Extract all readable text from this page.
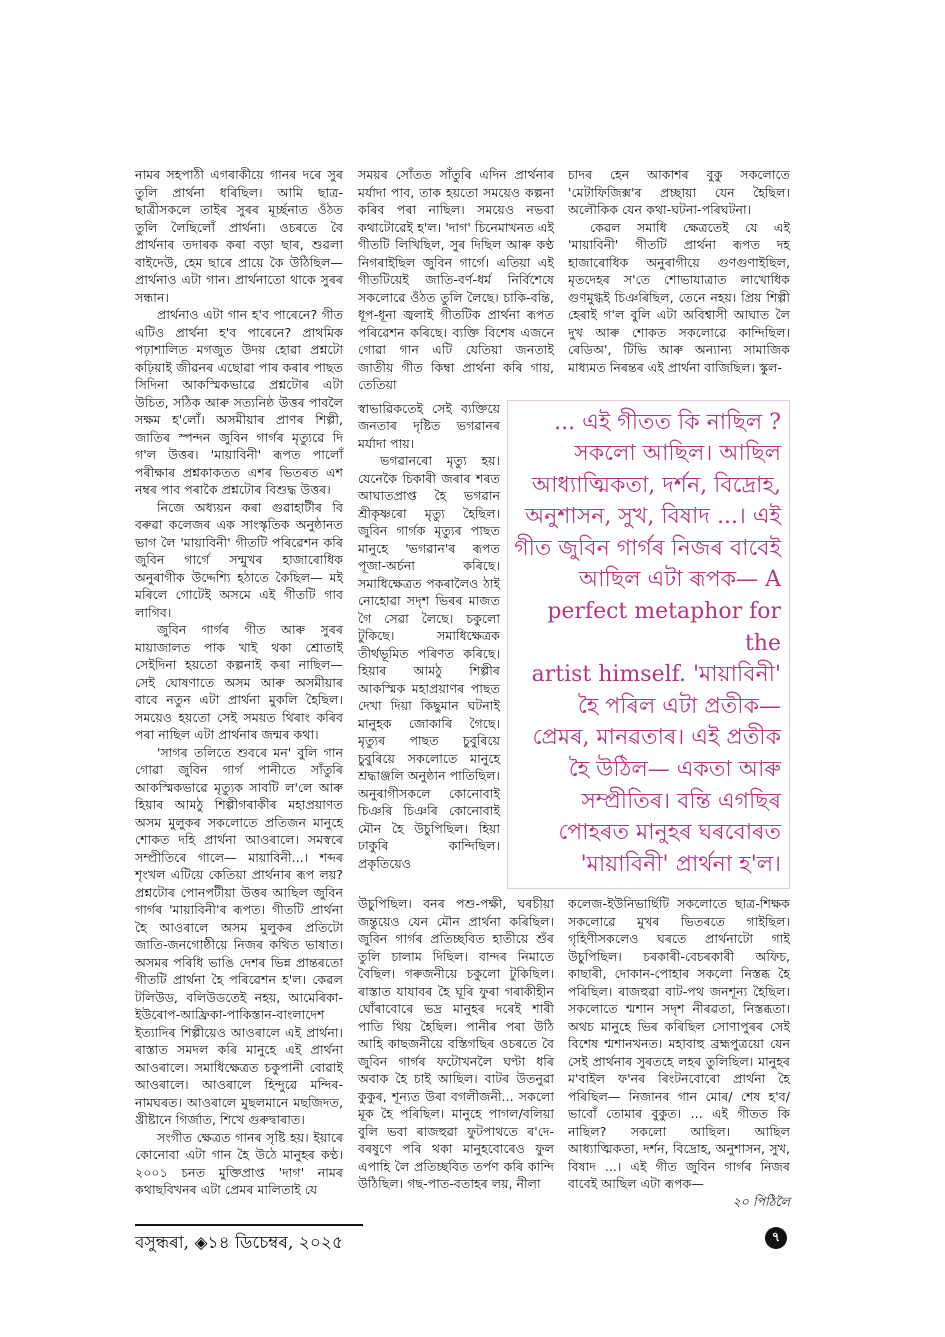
নামৰ সহপাঠী এগৰাকীয়ে গানৰ দৰে সুৰ তুলি প্ৰাৰ্থনা ধৰিছিল। আমি ছাত্ৰ-ছাত্ৰীসকলে তাইৰ সুৰৰ মূৰ্চ্ছনাত ওঁঠত তুলি লৈছিলোঁ প্ৰাৰ্থনা। ওচৰতে বৈ প্ৰাৰ্থনাৰ তদাৰক কৰা বড়া ছাৰ, শুৱলা বাইদেউ, হেম ছাৰে প্ৰায়ে কৈ উঠিছিল— প্ৰাৰ্থনাও এটা গান। প্ৰাৰ্থনাতো থাকে সুৰৰ সন্ধান।

প্ৰাৰ্থনাও এটা গান হ'ব পাৰেনে? গীত এটিও প্ৰাৰ্থনা হ'ব পাৰেনে? প্ৰাথমিক পঢ়াশালিত মগজুত উদয় হোৱা প্ৰশ্নটো কঢ়িয়াই জীৱনৰ এছোৱা পাৰ কৰাৰ পাছত সিদিনা আকস্মিকভাৱে প্ৰশ্নটোৰ এটা উচিত, সঠিক আৰু সত্যনিষ্ঠ উত্তৰ পাবলৈ সক্ষম হ'লোঁ। অসমীয়াৰ প্ৰাণৰ শিল্পী, জাতিৰ স্পন্দন জুবিন গাৰ্গৰ মৃত্যুৱে দি গ'ল উত্তৰ। 'মায়াবিনী' ৰূপত পালোঁ পৰীক্ষাৰ প্ৰশ্নকাকতত এশৰ ভিতৰত এশ নম্বৰ পাব পৰাকৈ প্ৰশ্নটোৰ বিশুদ্ধ উত্তৰ।

নিজে অধ্যয়ন কৰা গুৱাহাটীৰ বি বৰুৱা কলেজৰ এক সাংস্কৃতিক অনুষ্ঠানত ভাগ লৈ 'মায়াবিনী' গীতটি পৰিৱেশন কৰি জুবিন গাৰ্গে সন্মুখৰ হাজাৰোধিক অনুৰাগীক উদ্দেশ্যি হঠাতে কৈছিল— মই মৰিলে গোটেই অসমে এই গীতটি গাব লাগিব।

জুবিন গাৰ্গৰ গীত আৰু সুৰৰ মায়াজালত পাক খাই থকা শ্ৰোতাই সেইদিনা হয়তো কল্পনাই কৰা নাছিল— সেই ঘোষণাতে অসম আৰু অসমীয়াৰ বাবে নতুন এটা প্ৰাৰ্থনা মুকলি হৈছিল। সময়েও হয়তো সেই সময়ত থিৰাং কৰিব পৰা নাছিল এটা প্ৰাৰ্থনাৰ জন্মৰ কথা।

'সাগৰ তলিতে শুবৰে মন' বুলি গান গোৱা জুবিন গাৰ্গ পানীতে সাঁতুৰি আকস্মিকভাৱে মৃত্যুক সাবটি ল'লে আৰু হিয়াৰ আমঠু শিল্পীগৰাকীৰ মহাপ্ৰয়াণত অসম মুলুকৰ সকলোতে প্ৰতিজন মানুহে শোকত দহি প্ৰাৰ্থনা আওৰালে। সমস্বৰে সম্প্ৰীতিৰে গালে— মায়াবিনী...। শব্দৰ শৃংখল এটিয়ে কেতিয়া প্ৰাৰ্থনাৰ ৰূপ লয়? প্ৰশ্নটোৰ পোনপটীয়া উত্তৰ আছিল জুবিন গাৰ্গৰ 'মায়াবিনী'ৰ ৰূপত। গীতটি প্ৰাৰ্থনা হৈ আওৰালে অসম মুলুকৰ প্ৰতিটো জাতি-জনগোষ্ঠীয়ে নিজৰ কথিত ভাষাত। অসমৰ পৰিধি ভাঙি দেশৰ ভিন্ন প্ৰান্তৰতো গীতটি প্ৰাৰ্থনা হৈ পৰিৱেশন হ'ল। কেৱল টলিউড, বলিউডতেই নহয়, আমেৰিকা-ইউৰোপ-আফ্ৰিকা-পাকিস্তান-বাংলাদেশ ইত্যাদিৰ শিল্পীয়েও আওৰালে এই প্ৰাৰ্থনা। ৰাস্তাত সমদল কৰি মানুহে এই প্ৰাৰ্থনা আওৰালে। সমাধিক্ষেত্ৰত চকুপানী বোৱাই আওৰালে। আওৰালে হিন্দুৱে মন্দিৰ-নামঘৰত। আওৰালে মুছলমানে মছজিদত, খ্ৰীষ্টানে গিৰ্জাত, শিখে গুৰুদ্বাৰাত।

সংগীত ক্ষেত্ৰত গানৰ সৃষ্টি হয়। ইয়াৰে কোনোবা এটা গান হৈ উঠে মানুহৰ কণ্ঠ। ২০০১ চনত মুক্তিপ্ৰাপ্ত 'দাগ' নামৰ কথাছবিখনৰ এটা প্ৰেমৰ মালিতাই যে

সময়ৰ সোঁতত সাঁতুৰি এদিন প্ৰাৰ্থনাৰ মৰ্যাদা পাব, তাক হয়তো সময়েও কল্পনা কৰিব পৰা নাছিল। সময়েও নভবা কথাটোৱেই হ'ল। 'দাগ' চিনেমাখনত এই গীতটি লিখিছিল, সুৰ দিছিল আৰু কণ্ঠ নিগৰাইছিল জুবিন গাৰ্গে। এতিয়া এই গীতটিয়েই জাতি-বৰ্ণ-ধৰ্ম নিৰ্বিশেষে সকলোৱে ওঁঠত তুলি লৈছে। চাকি-বন্তি, ধূপ-ধূনা জ্বলাই গীতটিক প্ৰাৰ্থনা ৰূপত পৰিৱেশন কৰিছে। ব্যক্তি বিশেষ এজনে গোৱা গান এটি যেতিয়া জনতাই জাতীয় গীত কিম্বা প্ৰাৰ্থনা কৰি গায়, তেতিয়া

চাদৰ হেন আকাশৰ বুকু সকলোতে 'মেটাফিজিক্স'ৰ প্ৰচ্ছায়া যেন হৈছিল। অলৌকিক যেন কথা-ঘটনা-পৰিঘটনা।

কেৱল সমাধি ক্ষেত্ৰতেই যে এই 'মায়াবিনী' গীতটি প্ৰাৰ্থনা ৰূপত দহ হাজাৰোধিক অনুৰাগীয়ে গুণগুণাইছিল, মৃতদেহৰ স'তে শোভাযাত্ৰাত লাখোধিক গুণমুগ্ধই চিঞৰিছিল, তেনে নহয়। প্ৰিয় শিল্পী হেৰাই গ'ল বুলি এটা অবিশ্বাসী আঘাত লৈ দুখ আৰু শোকত সকলোৱে কান্দিছিল। ৰেডিঅ', টিভি আৰু অন্যান্য সামাজিক মাধ্যমত নিৰন্তৰ এই প্ৰাৰ্থনা বাজিছিল। স্কুল-

স্বাভাৱিকতেই সেই ব্যক্তিয়ে জনতাৰ দৃষ্টিত ভগৱানৰ মৰ্যাদা পায়।

ভগৱানৰো মৃত্যু হয়। যেনেকৈ চিকাৰী জৰাৰ শৰত আঘাতপ্ৰাপ্ত হৈ ভগৱান শ্ৰীকৃষ্ণৰো মৃত্যু হৈছিল। জুবিন গাৰ্গক মৃত্যুৰ পাছত মানুহে 'ভগৱান'ৰ ৰূপত পূজা-অৰ্চনা কৰিছে। সমাধিক্ষেত্ৰত পকৰালৈও ঠাই নোহোৱা সদৃশ ভিৰৰ মাজত গৈ সেৱা লৈছে। চকুলো টুকিছে। সমাধিক্ষেত্ৰক তীৰ্থভূমিত পৰিণত কৰিছে। হিয়াৰ আমঠু শিল্পীৰ আকস্মিক মহাপ্ৰয়াণৰ পাছত দেখা দিয়া কিছুমান ঘটনাই মানুহক জোকাৰি গৈছে। মৃত্যুৰ পাছত চুবুৰিয়ে চুবুৰিয়ে সকলোতে মানুহে শ্ৰদ্ধাঞ্জলি অনুষ্ঠান পাতিছিল। অনুৰাগীসকলে কোনোবাই চিঞৰি চিঞৰি কোনোবাই মৌন হৈ উচুপিছিল। হিয়া ঢাকুৰি কান্দিছিল। প্ৰকৃতিয়েও

... এই গীতত কি নাছিল ?
সকলো আছিল। আছিল
আধ্যাত্মিকতা, দৰ্শন, বিদ্ৰোহ,
অনুশাসন, সুখ, বিষাদ ...। এই
গীত জুবিন গাৰ্গৰ নিজৰ বাবেই
আছিল এটা ৰূপক— A
perfect metaphor for the
artist himself. 'মায়াবিনী'
হৈ পৰিল এটা প্ৰতীক—
প্ৰেমৰ, মানৱতাৰ। এই প্ৰতীক
হৈ উঠিল— একতা আৰু
সম্প্ৰীতিৰ। বন্তি এগছিৰ
পোহৰত মানুহৰ ঘৰবোৰত
'মায়াবিনী' প্ৰাৰ্থনা হ'ল।

উচুপিছিল। বনৰ পশু-পক্ষী, ঘৰচীয়া জন্তুয়েও যেন মৌন প্ৰাৰ্থনা কৰিছিল। জুবিন গাৰ্গৰ প্ৰতিচ্ছবিত হাতীয়ে শুঁৰ তুলি চালাম দিছিল। বান্দৰ নিমাতে বৈছিল। গৰুজনীয়ে চকুলো টুকিছিল। ৰাস্তাত যাযাবৰ হৈ ঘূৰি ফুৰা গৰাকীহীন ঘোঁৰাবোৰে ভদ্ৰ মানুহৰ দৰেই শাৰী পাতি থিয় হৈছিল। পানীৰ পৰা উঠি আহি কাছজনীয়ে বস্তিগছিৰ ওচৰতে বৈ জুবিন গাৰ্গৰ ফটোখনলৈ ঘণ্টা ধৰি অবাক হৈ চাই আছিল। বাটৰ উতনুৱা কুকুৰ, শূন্যত উৰা বগলীজনী... সকলো মূক হৈ পৰিছিল। মানুহে পাগল/বলিয়া বুলি ভবা ৰাজহুৱা ফুটপাথতে ৰ'দে-বৰষুণে পৰি থকা মানুহবোৰেও ফুল এপাহি লৈ প্ৰতিচ্ছবিত তৰ্পণ কৰি কান্দি উঠিছিল। গছ-পাত-বতাহৰ লয়, নীলা

কলেজ-ইউনিভাৰ্ছিটি সকলোতে ছাত্ৰ-শিক্ষক সকলোৱে মুখৰ ভিতৰতে গাইছিল। গৃহিণীসকলেও ঘৰতে প্ৰাৰ্থনাটো গাই উচুপিছিল। চৰকাৰী-বেচৰকাৰী অফিচ, কাছাৰী, দোকান-পোহাৰ সকলো নিস্তব্ধ হৈ পৰিছিল। ৰাজহুৱা বাট-পথ জনশূন্য হৈছিল। সকলোতে শ্মশান সদৃশ নীৰৱতা, নিস্তব্ধতা। অথচ মানুহে ভিৰ কৰিছিল সোণাপুৰৰ সেই বিশেষ শ্মশানখনত। মহাবাহু ব্ৰহ্মপুত্ৰয়ো যেন সেই প্ৰাৰ্থনাৰ সুৰতহে লহৰ তুলিছিল। মানুহৰ ম'বাইল ফ'নৰ ৰিংটনবোৰো প্ৰাৰ্থনা হৈ পৰিছিল— নিজানৰ গান মোৰ/ শেষ হ'ব/ভাবোঁ তোমাৰ বুকুত। ... এই গীতত কি নাছিল? সকলো আছিল। আছিল আধ্যাত্মিকতা, দৰ্শন, বিদ্ৰোহ, অনুশাসন, সুখ, বিষাদ ...। এই গীত জুবিন গাৰ্গৰ নিজৰ বাবেই আছিল এটা ৰূপক—

২০ পিঠিলৈ

বসুন্ধৰা, ◈১৪ ডিচেম্বৰ, ২০২৫	৭
